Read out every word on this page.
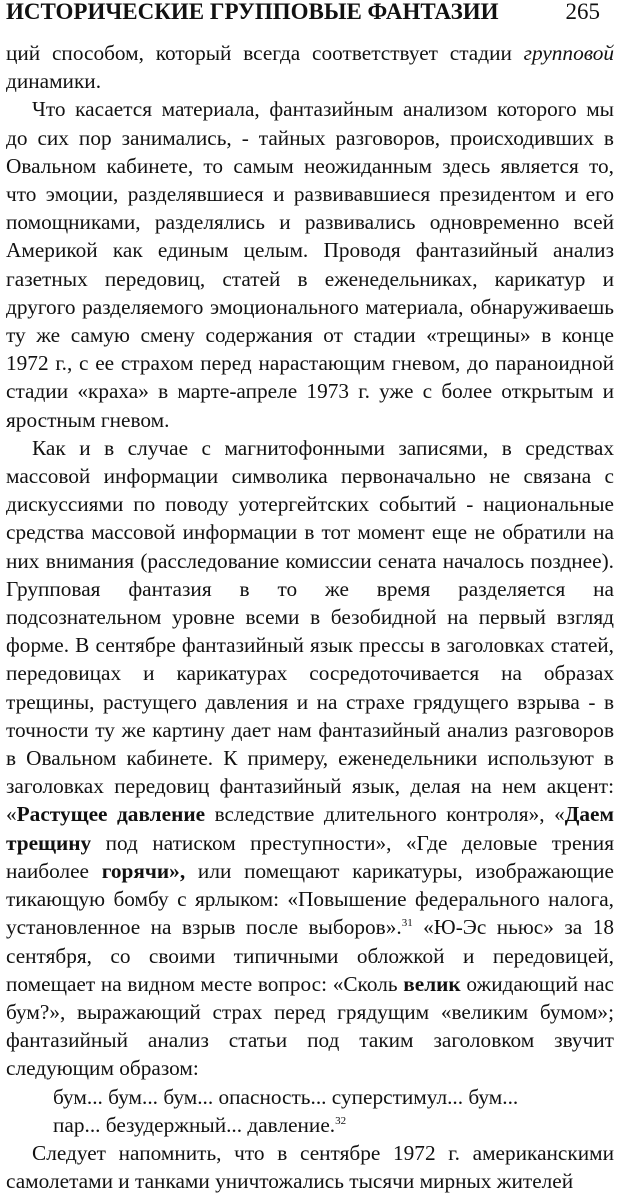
ИСТОРИЧЕСКИЕ ГРУППОВЫЕ ФАНТАЗИИ	265

ций способом, который всегда соответствует стадии групповой динамики.

Что касается материала, фантазийным анализом которого мы до сих пор занимались, - тайных разговоров, происходивших в Овальном кабинете, то самым неожиданным здесь является то, что эмоции, разделявшиеся и развивавшиеся президентом и его помощниками, разделялись и развивались одновременно всей Америкой как единым целым. Проводя фантазийный анализ газетных передовиц, статей в еженедельниках, карикатур и другого разделяемого эмоционального материала, обнаруживаешь ту же самую смену содержания от стадии «трещины» в конце 1972 г., с ее страхом перед нарастающим гневом, до параноидной стадии «краха» в марте-апреле 1973 г. уже с более открытым и яростным гневом.

Как и в случае с магнитофонными записями, в средствах массовой информации символика первоначально не связана с дискуссиями по поводу уотергейтских событий - национальные средства массовой информации в тот момент еще не обратили на них внимания (расследование комиссии сената началось позднее). Групповая фантазия в то же время разделяется на подсознательном уровне всеми в безобидной на первый взгляд форме. В сентябре фантазийный язык прессы в заголовках статей, передовицах и карикатурах сосредоточивается на образах трещины, растущего давления и на страхе грядущего взрыва - в точности ту же картину дает нам фантазийный анализ разговоров в Овальном кабинете. К примеру, еженедельники используют в заголовках передовиц фантазийный язык, делая на нем акцент: «Растущее давление вследствие длительного контроля», «Даем трещину под натиском преступности», «Где деловые трения наиболее горячи», или помещают карикатуры, изображающие тикающую бомбу с ярлыком: «Повышение федерального налога, установленное на взрыв после выборов».$^{31}$ «Ю-Эс ньюс» за 18 сентября, со своими типичными обложкой и передовицей, помещает на видном месте вопрос: «Сколь велик ожидающий нас бум?», выражающий страх перед грядущим «великим бумом»; фантазийный анализ статьи под таким заголовком звучит следующим образом:

бум... бум... бум... опасность... суперстимул... бум...
пар... безудержный... давление.$^{32}$

Следует напомнить, что в сентябре 1972 г. американскими самолетами и танками уничтожались тысячи мирных жителей
